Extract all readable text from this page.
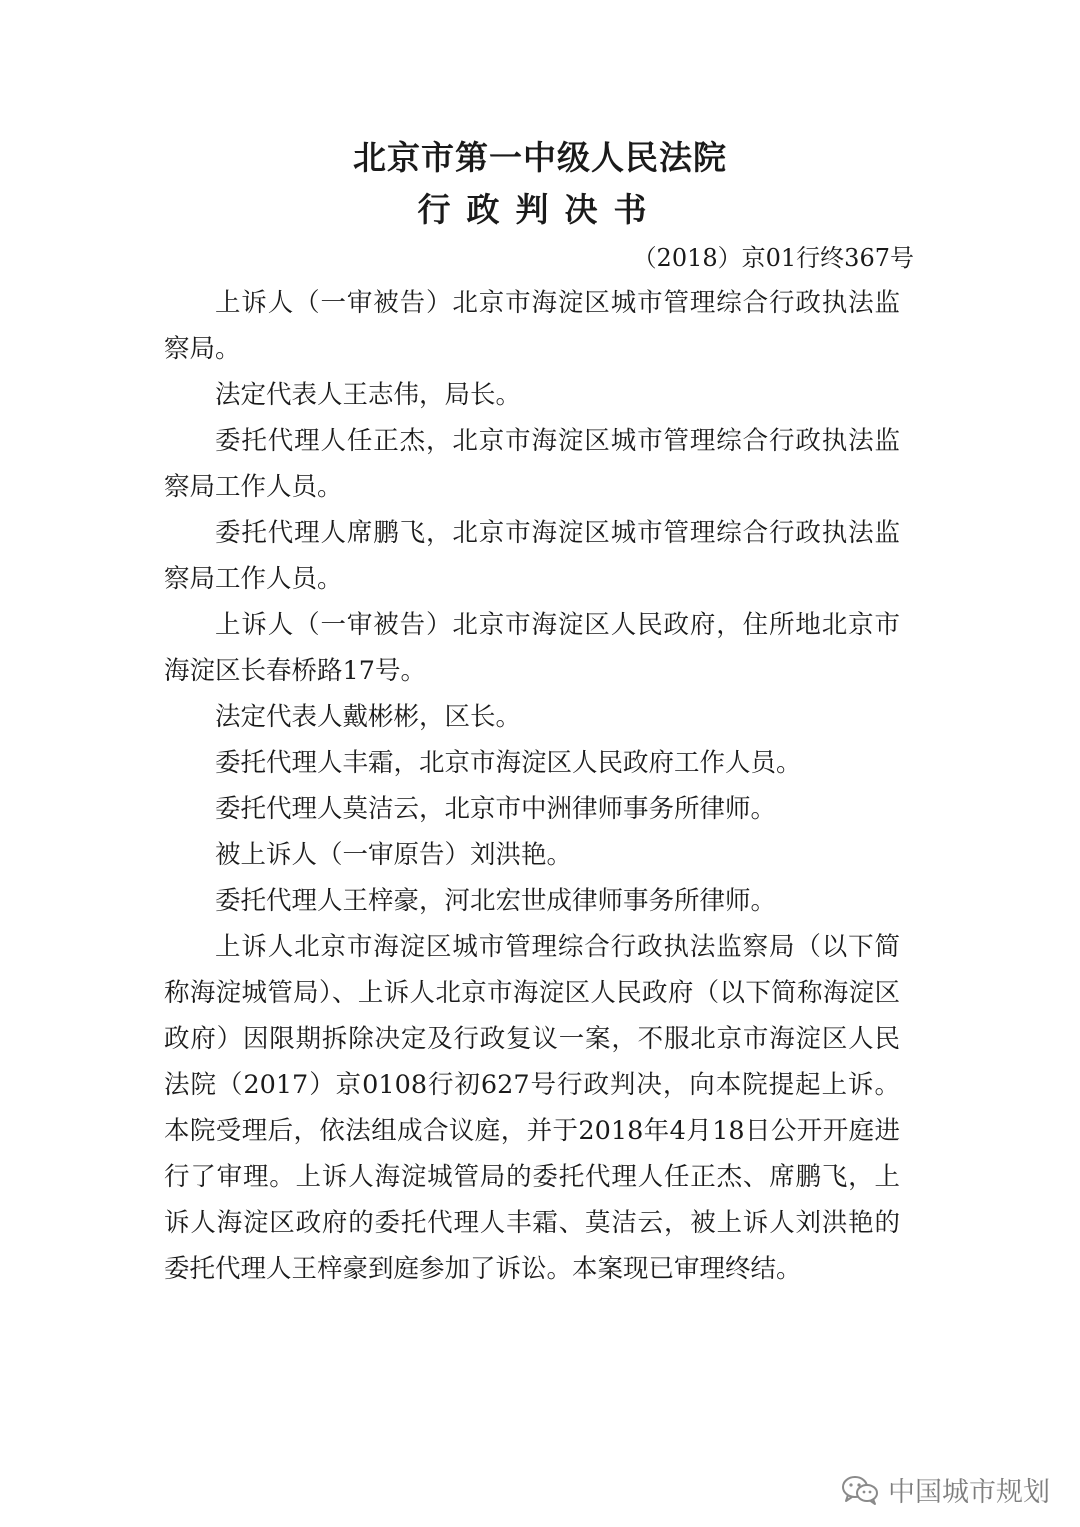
北京市第一中级人民法院
行政判决书
（2018）京01行终367号

上诉人（一审被告）北京市海淀区城市管理综合行政执法监察局。

法定代表人王志伟，局长。

委托代理人任正杰，北京市海淀区城市管理综合行政执法监察局工作人员。

委托代理人席鹏飞，北京市海淀区城市管理综合行政执法监察局工作人员。

上诉人（一审被告）北京市海淀区人民政府，住所地北京市海淀区长春桥路17号。

法定代表人戴彬彬，区长。

委托代理人丰霜，北京市海淀区人民政府工作人员。

委托代理人莫洁云，北京市中洲律师事务所律师。

被上诉人（一审原告）刘洪艳。

委托代理人王梓豪，河北宏世成律师事务所律师。

上诉人北京市海淀区城市管理综合行政执法监察局（以下简称海淀城管局）、上诉人北京市海淀区人民政府（以下简称海淀区政府）因限期拆除决定及行政复议一案，不服北京市海淀区人民法院（2017）京0108行初627号行政判决，向本院提起上诉。本院受理后，依法组成合议庭，并于2018年4月18日公开开庭进行了审理。上诉人海淀城管局的委托代理人任正杰、席鹏飞，上诉人海淀区政府的委托代理人丰霜、莫洁云，被上诉人刘洪艳的委托代理人王梓豪到庭参加了诉讼。本案现已审理终结。

中国城市规划
